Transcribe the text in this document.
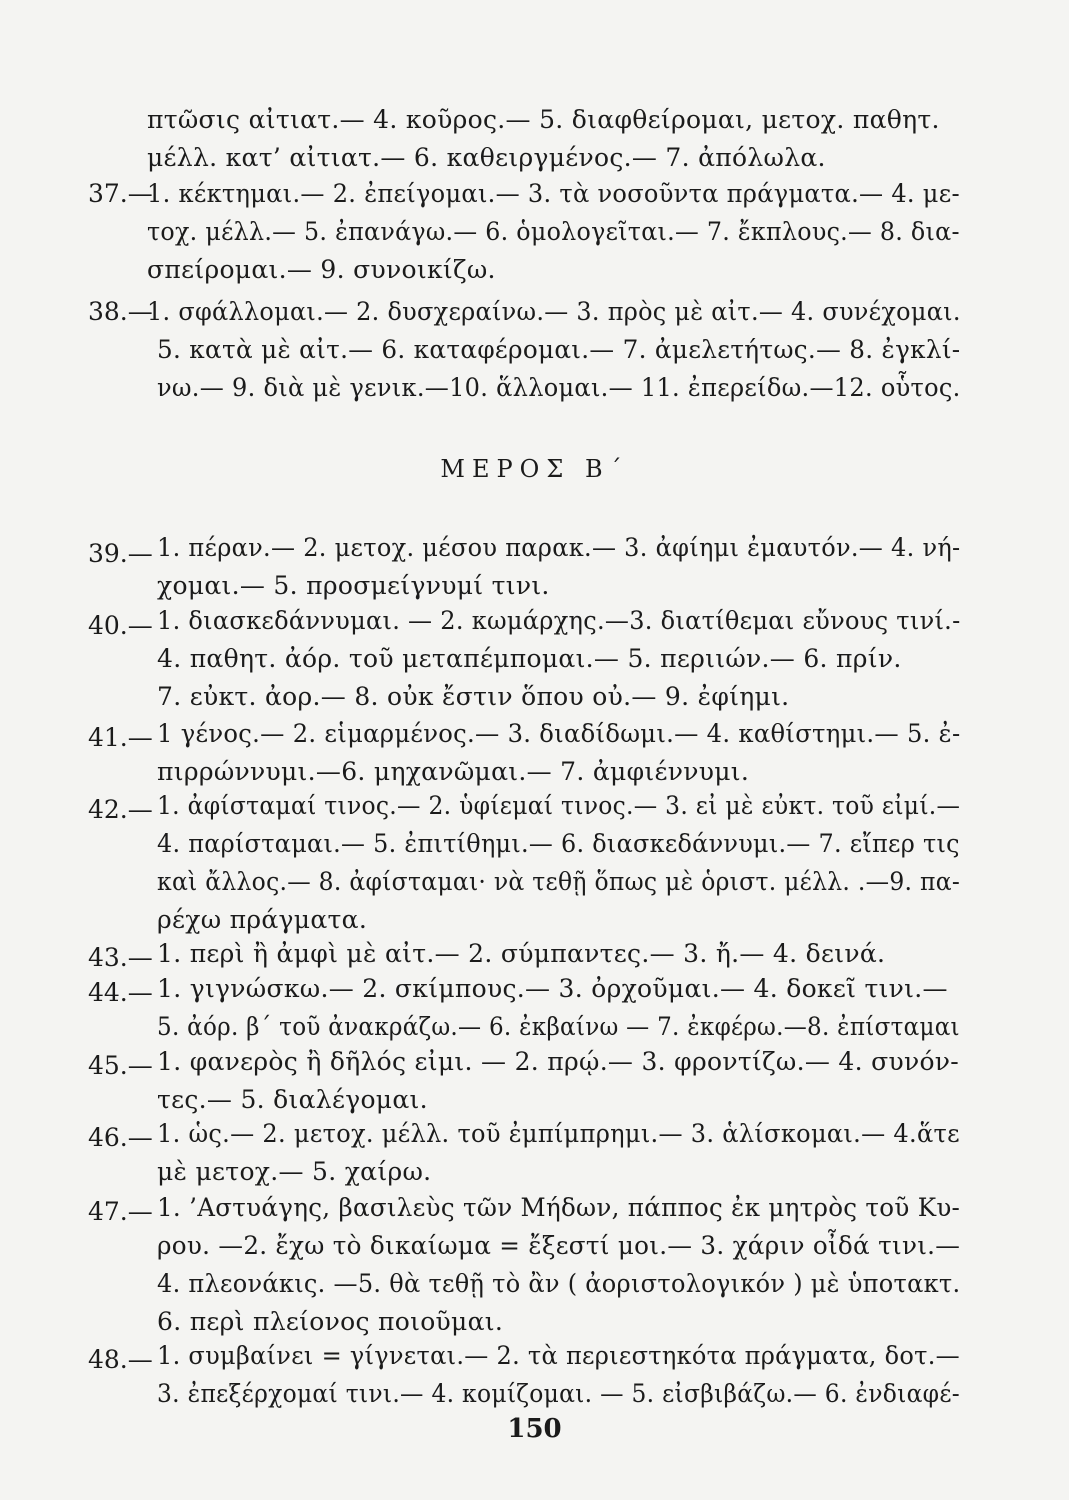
πτῶσις αἰτιατ.— 4. κοῦρος.— 5. διαφθείρομαι, μετοχ. παθητ.
μέλλ. κατ’ αἰτιατ.— 6. καθειργμένος.— 7. ἀπόλωλα.
37.—
1. κέκτημαι.— 2. ἐπείγομαι.— 3. τὰ νοσοῦντα πράγματα.— 4. με-
τοχ. μέλλ.— 5. ἐπανάγω.— 6. ὁμολογεῖται.— 7. ἔκπλους.— 8. δια-
σπείρομαι.— 9. συνοικίζω.
38.—
1. σφάλλομαι.— 2. δυσχεραίνω.— 3. πρὸς μὲ αἰτ.— 4. συνέχομαι.
5. κατὰ μὲ αἰτ.— 6. καταφέρομαι.— 7. ἀμελετήτως.— 8. ἐγκλί-
νω.— 9. διὰ μὲ γενικ.—10. ἅλλομαι.— 11. ἐπερείδω.—12. οὗτος.
ΜΕΡΟΣ Β΄
39.— 1. πέραν.— 2. μετοχ. μέσου παρακ.— 3. ἀφίημι ἐμαυτόν.— 4. νή-
χομαι.— 5. προσμείγνυμί τινι.
40.— 1. διασκεδάννυμαι. — 2. κωμάρχης.—3. διατίθεμαι εὔνους τινί.-
4. παθητ. ἀόρ. τοῦ μεταπέμπομαι.— 5. περιιών.— 6. πρίν.
7. εὐκτ. ἀορ.— 8. οὐκ ἔστιν ὅπου οὐ.— 9. ἐφίημι.
41.— 1 γένος.— 2. εἱμαρμένος.— 3. διαδίδωμι.— 4. καθίστημι.— 5. ἐ-
πιρρώννυμι.—6. μηχανῶμαι.— 7. ἀμφιέννυμι.
42.— 1. ἀφίσταμαί τινος.— 2. ὑφίεμαί τινος.— 3. εἰ μὲ εὐκτ. τοῦ εἰμί.—
4. παρίσταμαι.— 5. ἐπιτίθημι.— 6. διασκεδάννυμι.— 7. εἴπερ τις
καὶ ἄλλος.— 8. ἀφίσταμαι· νὰ τεθῇ ὅπως μὲ ὁριστ. μέλλ. .—9. πα-
ρέχω πράγματα.
43.— 1. περὶ ἢ ἀμφὶ μὲ αἰτ.— 2. σύμπαντες.— 3. ἤ.— 4. δεινά.
44.— 1. γιγνώσκω.— 2. σκίμπους.— 3. ὀρχοῦμαι.— 4. δοκεῖ τινι.—
5. ἀόρ. β΄ τοῦ ἀνακράζω.— 6. ἐκβαίνω — 7. ἐκφέρω.—8. ἐπίσταμαι
45.— 1. φανερὸς ἢ δῆλός εἰμι. — 2. πρῴ.— 3. φροντίζω.— 4. συνόν-
τες.— 5. διαλέγομαι.
46.— 1. ὡς.— 2. μετοχ. μέλλ. τοῦ ἐμπίμπρημι.— 3. ἁλίσκομαι.— 4.ἅτε
μὲ μετοχ.— 5. χαίρω.
47.— 1. ’Αστυάγης, βασιλεὺς τῶν Μήδων, πάππος ἐκ μητρὸς τοῦ Κυ-
ρου. —2. ἔχω τὸ δικαίωμα = ἔξεστί μοι.— 3. χάριν οἶδά τινι.—
4. πλεονάκις. —5. θὰ τεθῇ τὸ ἂν ( ἀοριστολογικόν ) μὲ ὑποτακτ.
6. περὶ πλείονος ποιοῦμαι.
48.— 1. συμβαίνει = γίγνεται.— 2. τὰ περιεστηκότα πράγματα, δοτ.—
3. ἐπεξέρχομαί τινι.— 4. κομίζομαι. — 5. εἰσβιβάζω.— 6. ἐνδιαφέ-
150
